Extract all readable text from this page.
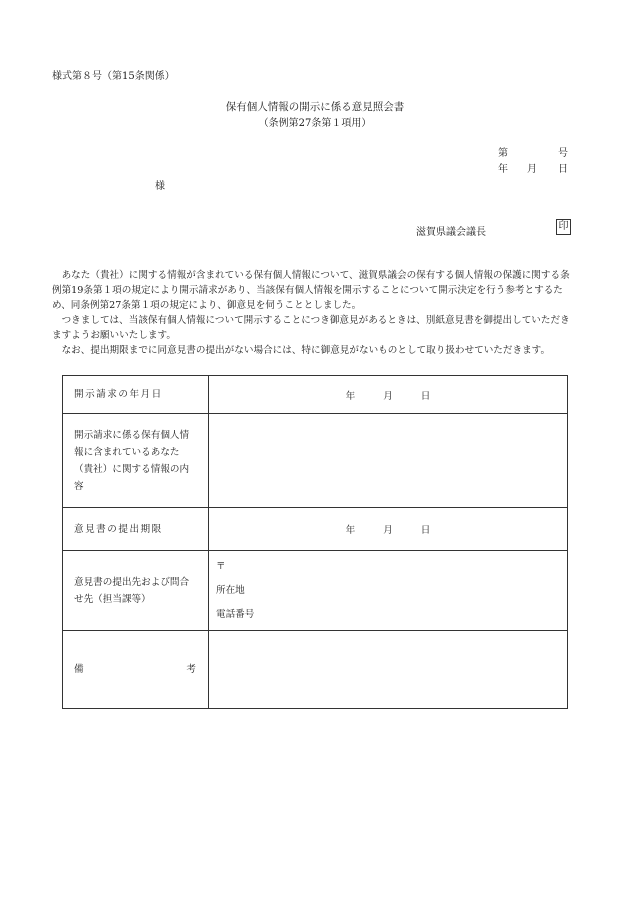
様式第８号（第15条関係）
保有個人情報の開示に係る意見照会書
（条例第27条第１項用）
第	号
年 月 日
様
滋賀県議会議長
印

あなた（貴社）に関する情報が含まれている保有個人情報について、滋賀県議会の保有する個人情報の保護に関する条例第19条第１項の規定により開示請求があり、当該保有個人情報を開示することについて開示決定を行う参考とするため、同条例第27条第１項の規定により、御意見を伺うこととしました。

つきましては、当該保有個人情報について開示することにつき御意見があるときは、別紙意見書を御提出していただきますようお願いいたします。

なお、提出期限までに同意見書の提出がない場合には、特に御意見がないものとして取り扱わせていただきます。

開示請求の年月日	年 月 日

開示請求に係る保有個人情報に含まれているあなた（貴社）に関する情報の内容	
意見書の提出期限	年 月 日

意見書の提出先および問合せ先（担当課等）	〒
所在地
電話番号

備 考	
